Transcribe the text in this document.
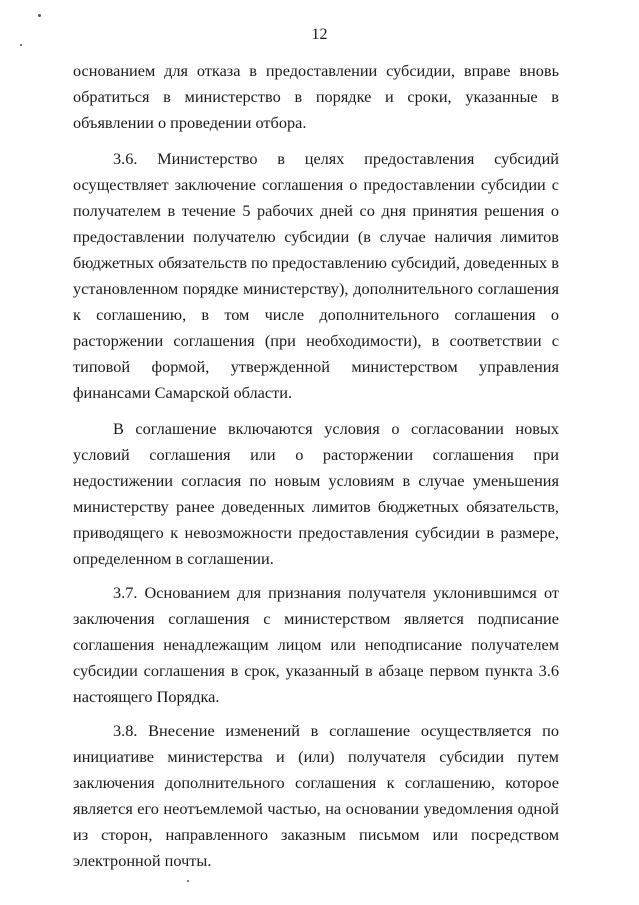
12

основанием для отказа в предоставлении субсидии, вправе вновь обратиться в министерство в порядке и сроки, указанные в объявлении о проведении отбора.

3.6. Министерство в целях предоставления субсидий осуществляет заключение соглашения о предоставлении субсидии с получателем в течение 5 рабочих дней со дня принятия решения о предоставлении получателю субсидии (в случае наличия лимитов бюджетных обязательств по предоставлению субсидий, доведенных в установленном порядке министерству), дополнительного соглашения к соглашению, в том числе дополнительного соглашения о расторжении соглашения (при необходимости), в соответствии с типовой формой, утвержденной министерством управления финансами Самарской области.

В соглашение включаются условия о согласовании новых условий соглашения или о расторжении соглашения при недостижении согласия по новым условиям в случае уменьшения министерству ранее доведенных лимитов бюджетных обязательств, приводящего к невозможности предоставления субсидии в размере, определенном в соглашении.

3.7. Основанием для признания получателя уклонившимся от заключения соглашения с министерством является подписание соглашения ненадлежащим лицом или неподписание получателем субсидии соглашения в срок, указанный в абзаце первом пункта 3.6 настоящего Порядка.

3.8. Внесение изменений в соглашение осуществляется по инициативе министерства и (или) получателя субсидии путем заключения дополнительного соглашения к соглашению, которое является его неотъемлемой частью, на основании уведомления одной из сторон, направленного заказным письмом или посредством электронной почты.
